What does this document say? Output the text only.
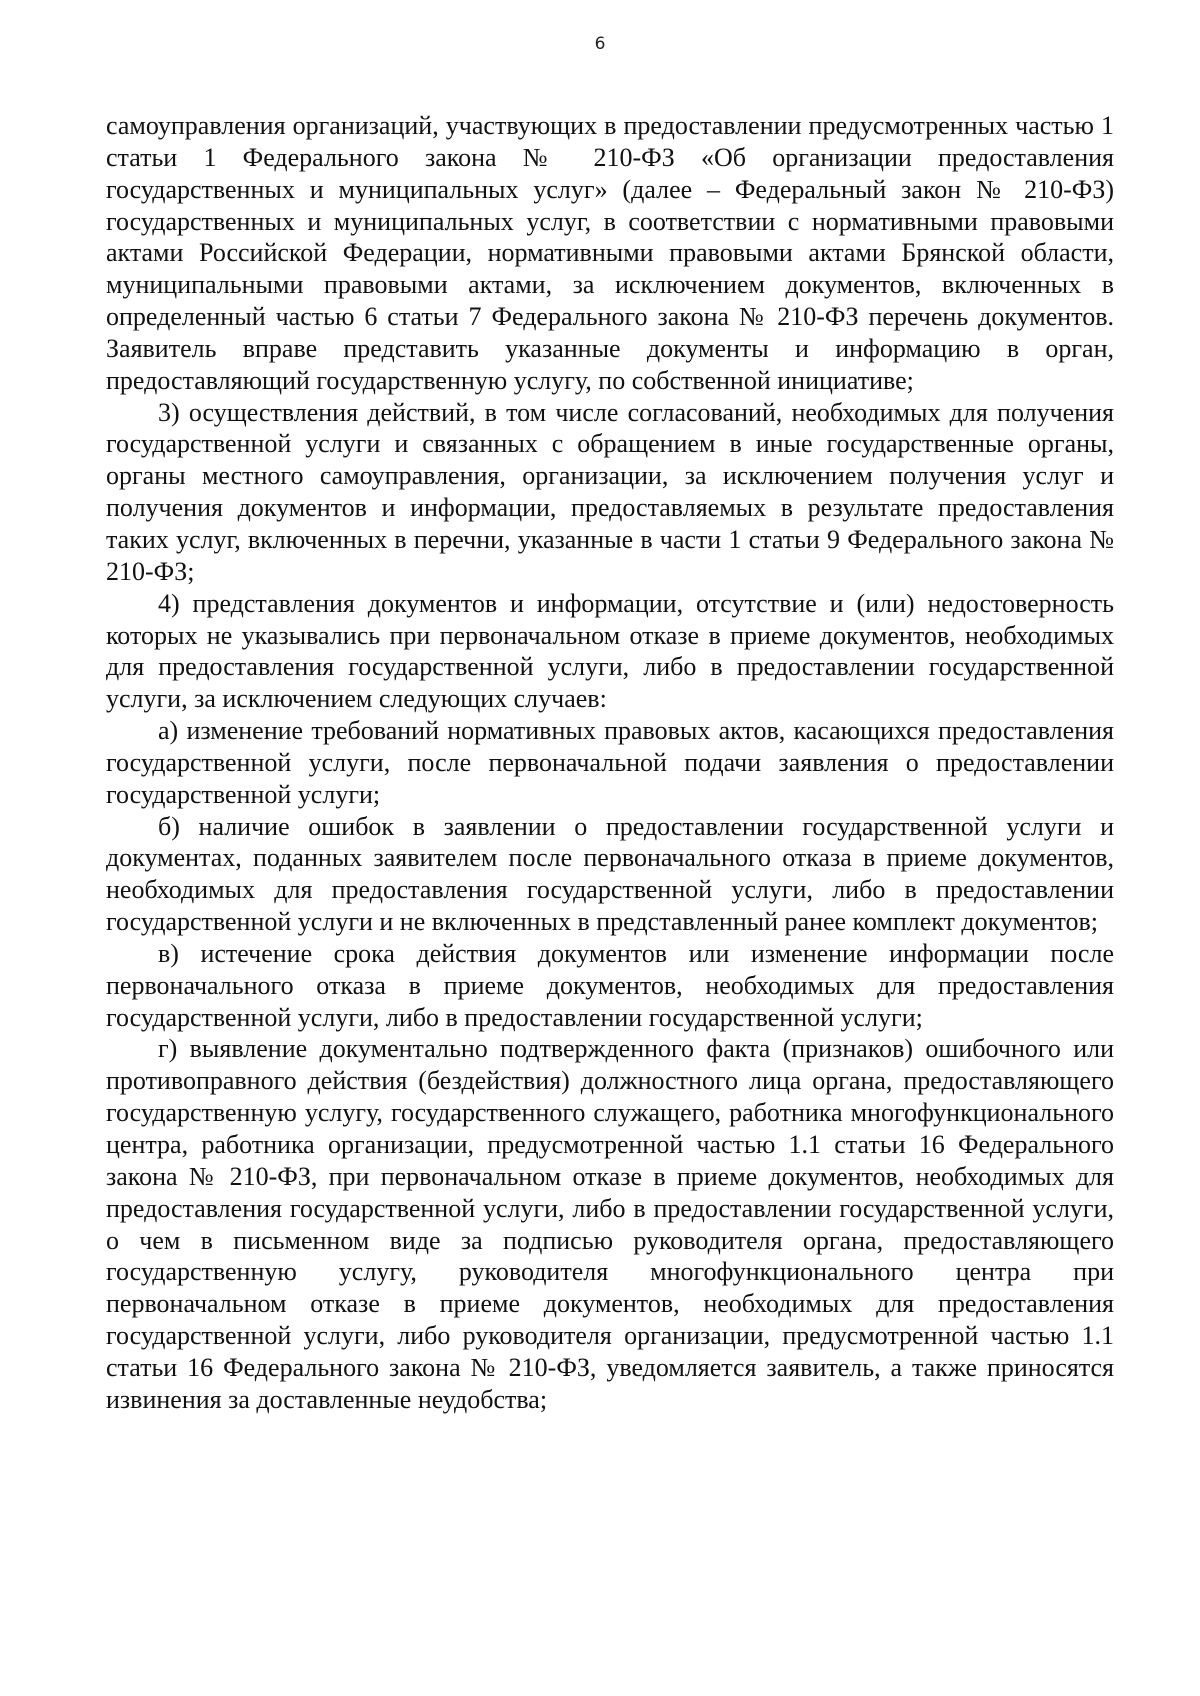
6

самоуправления организаций, участвующих в предоставлении предусмотренных частью 1 статьи 1 Федерального закона № 210-ФЗ «Об организации предоставления государственных и муниципальных услуг» (далее – Федеральный закон № 210-ФЗ) государственных и муниципальных услуг, в соответствии с нормативными правовыми актами Российской Федерации, нормативными правовыми актами Брянской области, муниципальными правовыми актами, за исключением документов, включенных в определенный частью 6 статьи 7 Федерального закона № 210-ФЗ перечень документов. Заявитель вправе представить указанные документы и информацию в орган, предоставляющий государственную услугу, по собственной инициативе;

3) осуществления действий, в том числе согласований, необходимых для получения государственной услуги и связанных с обращением в иные государственные органы, органы местного самоуправления, организации, за исключением получения услуг и получения документов и информации, предоставляемых в результате предоставления таких услуг, включенных в перечни, указанные в части 1 статьи 9 Федерального закона № 210-ФЗ;

4) представления документов и информации, отсутствие и (или) недостоверность которых не указывались при первоначальном отказе в приеме документов, необходимых для предоставления государственной услуги, либо в предоставлении государственной услуги, за исключением следующих случаев:

а) изменение требований нормативных правовых актов, касающихся предоставления государственной услуги, после первоначальной подачи заявления о предоставлении государственной услуги;

б) наличие ошибок в заявлении о предоставлении государственной услуги и документах, поданных заявителем после первоначального отказа в приеме документов, необходимых для предоставления государственной услуги, либо в предоставлении государственной услуги и не включенных в представленный ранее комплект документов;

в) истечение срока действия документов или изменение информации после первоначального отказа в приеме документов, необходимых для предоставления государственной услуги, либо в предоставлении государственной услуги;

г) выявление документально подтвержденного факта (признаков) ошибочного или противоправного действия (бездействия) должностного лица органа, предоставляющего государственную услугу, государственного служащего, работника многофункционального центра, работника организации, предусмотренной частью 1.1 статьи 16 Федерального закона № 210-ФЗ, при первоначальном отказе в приеме документов, необходимых для предоставления государственной услуги, либо в предоставлении государственной услуги, о чем в письменном виде за подписью руководителя органа, предоставляющего государственную услугу, руководителя многофункционального центра при первоначальном отказе в приеме документов, необходимых для предоставления государственной услуги, либо руководителя организации, предусмотренной частью 1.1 статьи 16 Федерального закона № 210-ФЗ, уведомляется заявитель, а также приносятся извинения за доставленные неудобства;
